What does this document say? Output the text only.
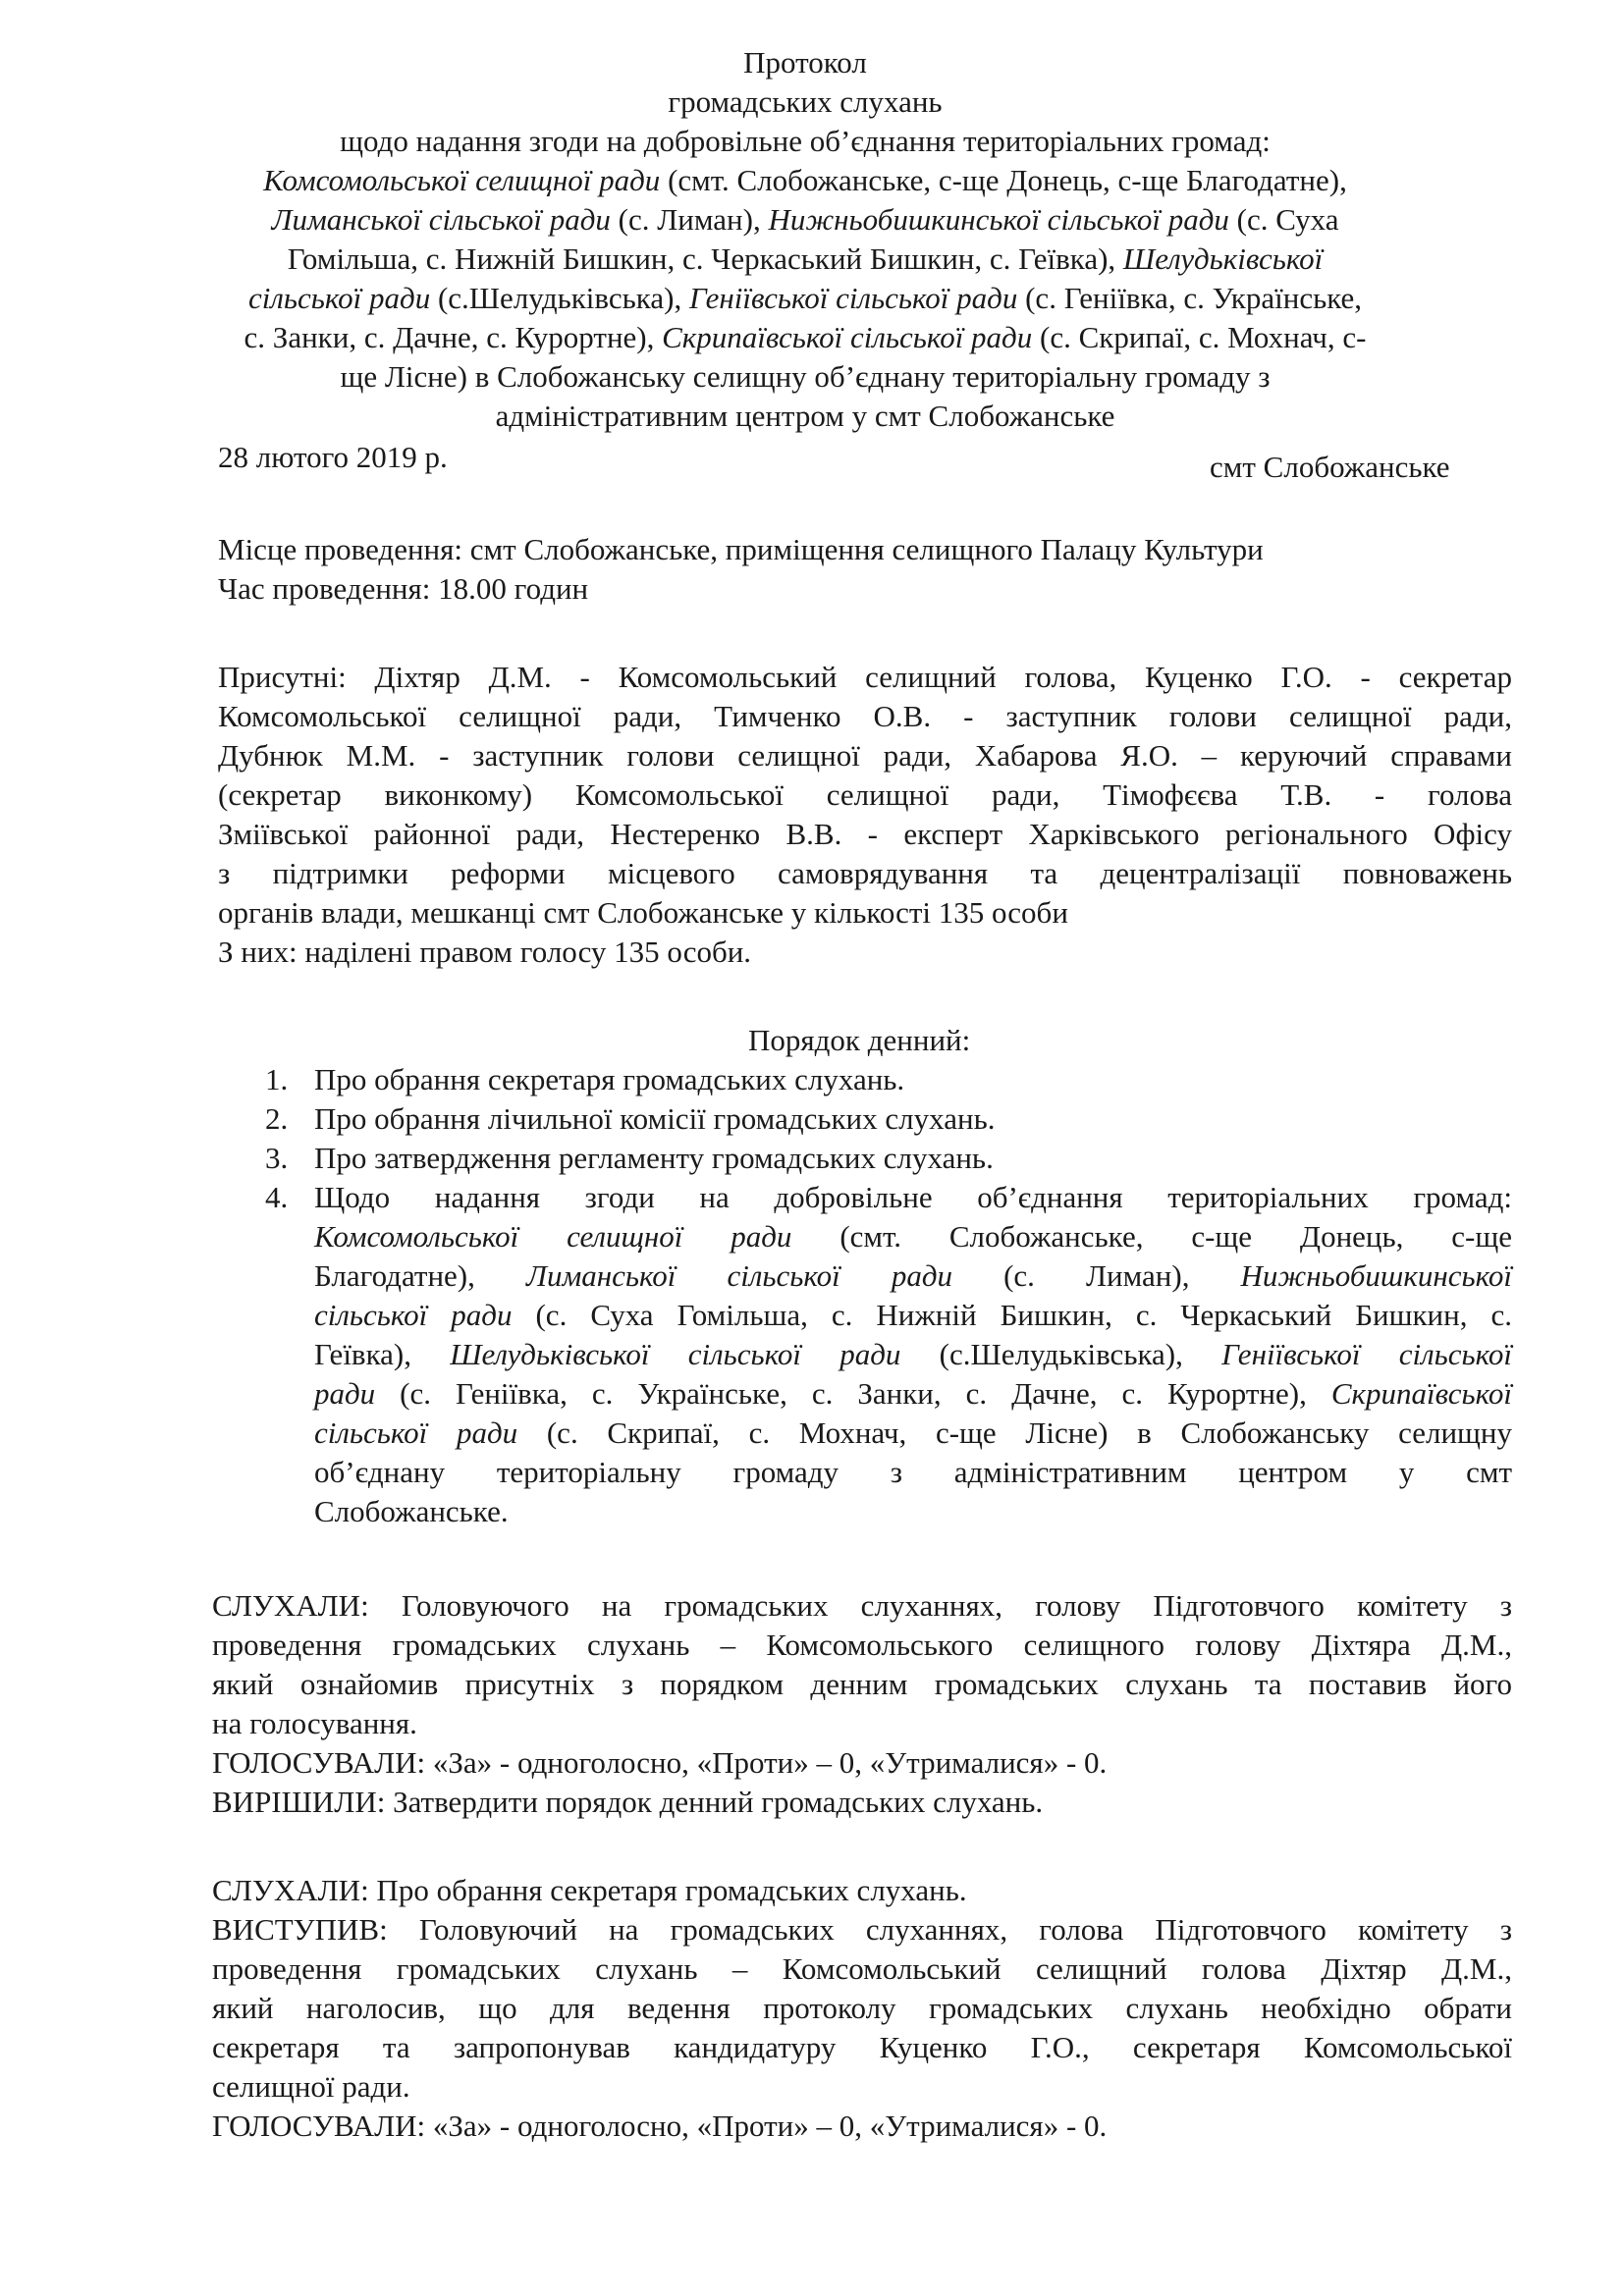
Протокол
громадських слухань
щодо надання згоди на добровільне об’єднання територіальних громад:
Комсомольської селищної ради (смт. Слобожанське, с-ще Донець, с-ще Благодатне),
Лиманської сільської ради (с. Лиман), Нижньобишкинської сільської ради (с. Суха
Гомільша, с. Нижній Бишкин, с. Черкаський Бишкин, с. Геївка), Шелудьківської
сільської ради (с.Шелудьківська), Геніївської сільської ради (с. Геніївка, с. Українське,
с. Занки, с. Дачне, с. Курортне), Скрипаївської сільської ради (с. Скрипаї, с. Мохнач, с-
ще Лісне) в Слобожанську селищну об’єднану територіальну громаду з
адміністративним центром у смт Слобожанське
28 лютого 2019 р.	смт Слобожанське
Місце проведення: смт Слобожанське, приміщення селищного Палацу Культури
Час проведення: 18.00 годин
Присутні: Діхтяр Д.М. - Комсомольський селищний голова, Куценко Г.О. - секретар
Комсомольської селищної ради, Тимченко О.В. - заступник голови селищної ради,
Дубнюк М.М. - заступник голови селищної ради, Хабарова Я.О. – керуючий справами
(секретар виконкому) Комсомольської селищної ради, Тімофєєва Т.В. - голова
Зміївської районної ради, Нестеренко В.В. - експерт Харківського регіонального Офісу
з підтримки реформи місцевого самоврядування та децентралізації повноважень
органів влади, мешканці смт Слобожанське у кількості 135 особи
З них: наділені правом голосу 135 особи.
Порядок денний:
1. Про обрання секретаря громадських слухань.
2. Про обрання лічильної комісії громадських слухань.
3. Про затвердження регламенту громадських слухань.
4. Щодо надання згоди на добровільне об’єднання територіальних громад:
Комсомольської селищної ради (смт. Слобожанське, с-ще Донець, с-ще
Благодатне), Лиманської сільської ради (с. Лиман), Нижньобишкинської
сільської ради (с. Суха Гомільша, с. Нижній Бишкин, с. Черкаський Бишкин, с.
Геївка), Шелудьківської сільської ради (с.Шелудьківська), Геніївської сільської
ради (с. Геніївка, с. Українське, с. Занки, с. Дачне, с. Курортне), Скрипаївської
сільської ради (с. Скрипаї, с. Мохнач, с-ще Лісне) в Слобожанську селищну
об’єднану територіальну громаду з адміністративним центром у смт
Слобожанське.
СЛУХАЛИ: Головуючого на громадських слуханнях, голову Підготовчого комітету з
проведення громадських слухань – Комсомольського селищного голову Діхтяра Д.М.,
який ознайомив присутніх з порядком денним громадських слухань та поставив його
на голосування.
ГОЛОСУВАЛИ: «За» - одноголосно, «Проти» – 0, «Утрималися» - 0.
ВИРІШИЛИ: Затвердити порядок денний громадських слухань.
СЛУХАЛИ: Про обрання секретаря громадських слухань.
ВИСТУПИВ: Головуючий на громадських слуханнях, голова Підготовчого комітету з
проведення громадських слухань – Комсомольський селищний голова Діхтяр Д.М.,
який наголосив, що для ведення протоколу громадських слухань необхідно обрати
секретаря та запропонував кандидатуру Куценко Г.О., секретаря Комсомольської
селищної ради.
ГОЛОСУВАЛИ: «За» - одноголосно, «Проти» – 0, «Утрималися» - 0.
